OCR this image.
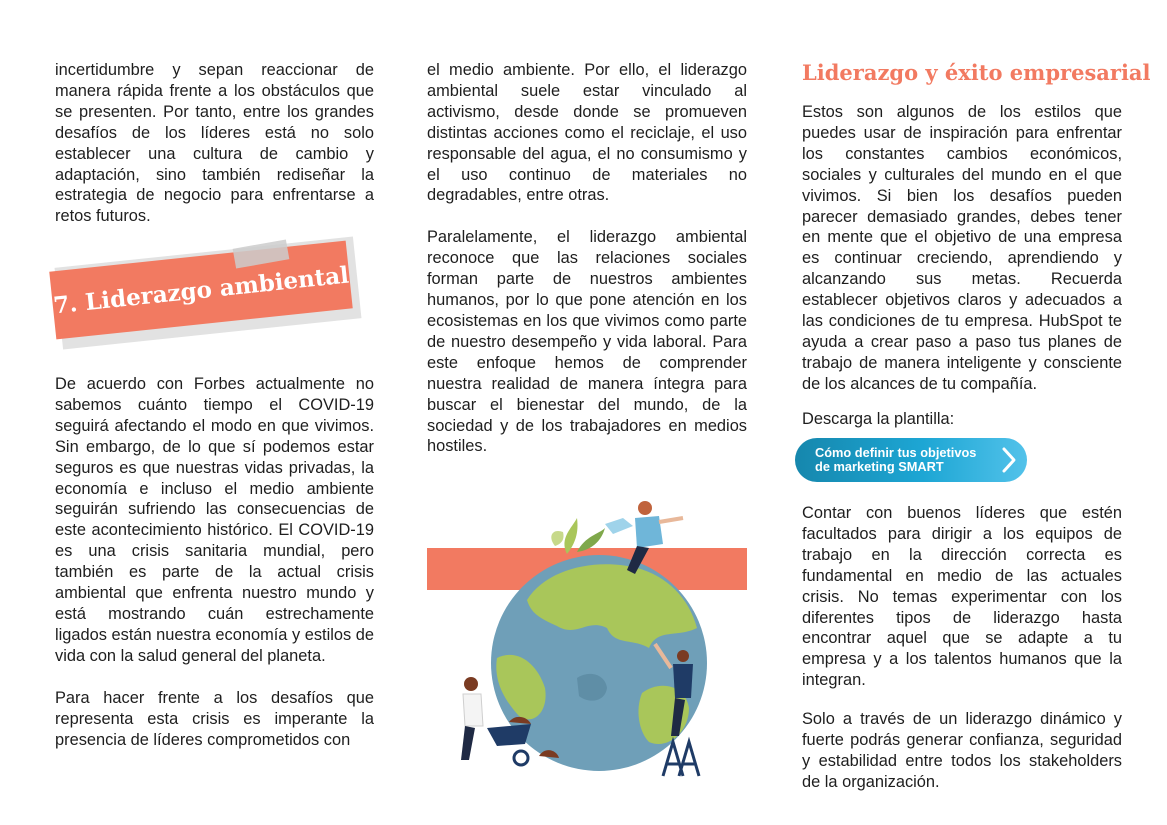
incertidumbre y sepan reaccionar de manera rápida frente a los obstáculos que se presenten. Por tanto, entre los grandes desafíos de los líderes está no solo establecer una cultura de cambio y adaptación, sino también rediseñar la estrategia de negocio para enfrentarse a retos futuros.

7. Liderazgo ambiental

De acuerdo con Forbes actualmente no sabemos cuánto tiempo el COVID-19 seguirá afectando el modo en que vivimos. Sin embargo, de lo que sí podemos estar seguros es que nuestras vidas privadas, la economía e incluso el medio ambiente seguirán sufriendo las consecuencias de este acontecimiento histórico. El COVID-19 es una crisis sanitaria mundial, pero también es parte de la actual crisis ambiental que enfrenta nuestro mundo y está mostrando cuán estrechamente ligados están nuestra economía y estilos de vida con la salud general del planeta.

Para hacer frente a los desafíos que representa esta crisis es imperante la presencia de líderes comprometidos con

el medio ambiente. Por ello, el liderazgo ambiental suele estar vinculado al activismo, desde donde se promueven distintas acciones como el reciclaje, el uso responsable del agua, el no consumismo y el uso continuo de materiales no degradables, entre otras.

Paralelamente, el liderazgo ambiental reconoce que las relaciones sociales forman parte de nuestros ambientes humanos, por lo que pone atención en los ecosistemas en los que vivimos como parte de nuestro desempeño y vida laboral. Para este enfoque hemos de comprender nuestra realidad de manera íntegra para buscar el bienestar del mundo, de la sociedad y de los trabajadores en medios hostiles.

Liderazgo y éxito empresarial

Estos son algunos de los estilos que puedes usar de inspiración para enfrentar los constantes cambios económicos, sociales y culturales del mundo en el que vivimos. Si bien los desafíos pueden parecer demasiado grandes, debes tener en mente que el objetivo de una empresa es continuar creciendo, aprendiendo y alcanzando sus metas. Recuerda establecer objetivos claros y adecuados a las condiciones de tu empresa. HubSpot te ayuda a crear paso a paso tus planes de trabajo de manera inteligente y consciente de los alcances de tu compañía.

Descarga la plantilla:

Cómo definir tus objetivos
de marketing SMART

Contar con buenos líderes que estén facultados para dirigir a los equipos de trabajo en la dirección correcta es fundamental en medio de las actuales crisis. No temas experimentar con los diferentes tipos de liderazgo hasta encontrar aquel que se adapte a tu empresa y a los talentos humanos que la integran.

Solo a través de un liderazgo dinámico y fuerte podrás generar confianza, seguridad y estabilidad entre todos los stakeholders de la organización.
